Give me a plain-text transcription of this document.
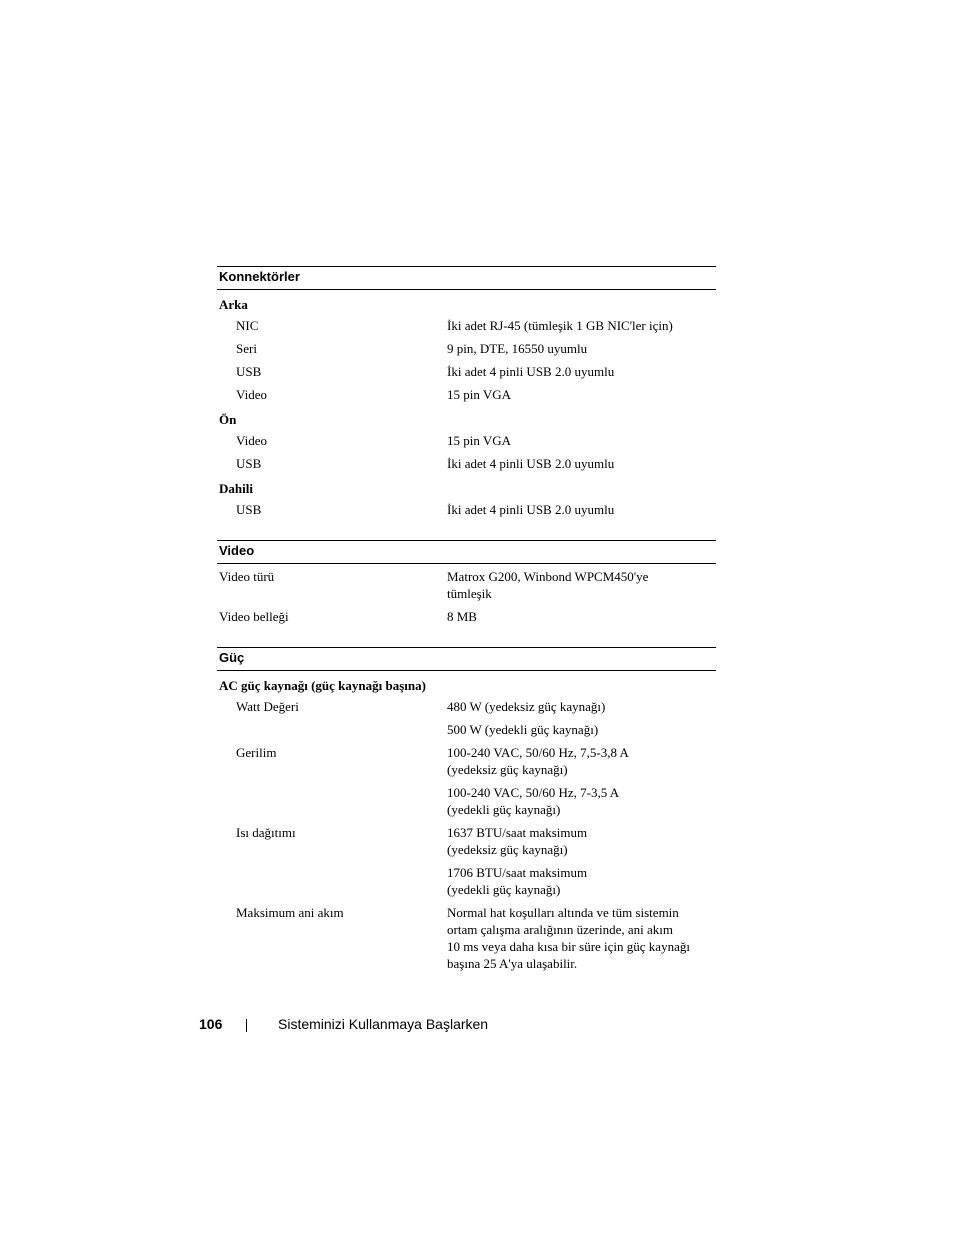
Konnektörler
Arka
NIC	İki adet RJ-45 (tümleşik 1 GB NIC'ler için)
Seri	9 pin, DTE, 16550 uyumlu
USB	İki adet 4 pinli USB 2.0 uyumlu
Video	15 pin VGA
Ön
Video	15 pin VGA
USB	İki adet 4 pinli USB 2.0 uyumlu
Dahili
USB	İki adet 4 pinli USB 2.0 uyumlu
Video
Video türü	Matrox G200, Winbond WPCM450'ye
tümleşik
Video belleği	8 MB
Güç
AC güç kaynağı (güç kaynağı başına)
Watt Değeri	480 W (yedeksiz güç kaynağı)
500 W (yedekli güç kaynağı)
Gerilim	100-240 VAC, 50/60 Hz, 7,5-3,8 A
(yedeksiz güç kaynağı)
100-240 VAC, 50/60 Hz, 7-3,5 A
(yedekli güç kaynağı)
Isı dağıtımı	1637 BTU/saat maksimum
(yedeksiz güç kaynağı)
1706 BTU/saat maksimum
(yedekli güç kaynağı)
Maksimum ani akım	Normal hat koşulları altında ve tüm sistemin
ortam çalışma aralığının üzerinde, ani akım
10 ms veya daha kısa bir süre için güç kaynağı
başına 25 A'ya ulaşabilir.
106	Sisteminizi Kullanmaya Başlarken
